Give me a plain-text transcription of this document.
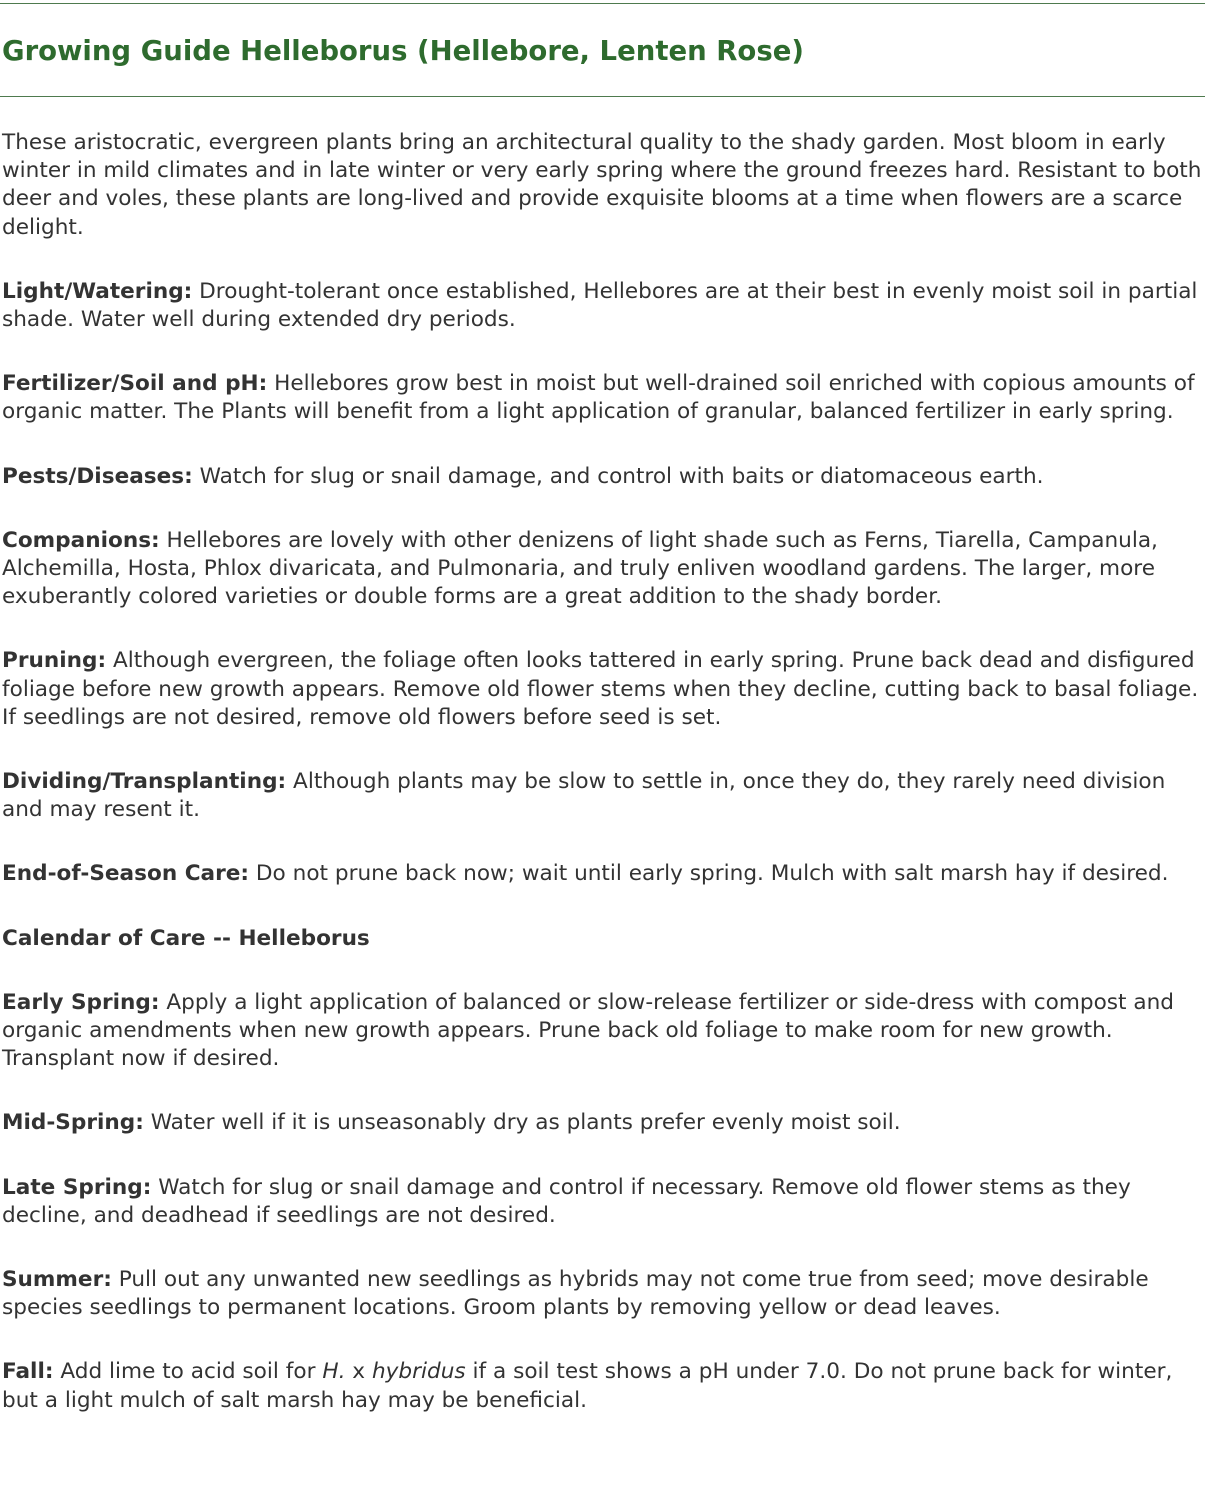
Growing Guide Helleborus (Hellebore, Lenten Rose)

These aristocratic, evergreen plants bring an architectural quality to the shady garden. Most bloom in early winter in mild climates and in late winter or very early spring where the ground freezes hard. Resistant to both deer and voles, these plants are long-lived and provide exquisite blooms at a time when flowers are a scarce delight.

Light/Watering: Drought-tolerant once established, Hellebores are at their best in evenly moist soil in partial shade. Water well during extended dry periods.

Fertilizer/Soil and pH: Hellebores grow best in moist but well-drained soil enriched with copious amounts of organic matter. The Plants will benefit from a light application of granular, balanced fertilizer in early spring.

Pests/Diseases: Watch for slug or snail damage, and control with baits or diatomaceous earth.

Companions: Hellebores are lovely with other denizens of light shade such as Ferns, Tiarella, Campanula, Alchemilla, Hosta, Phlox divaricata, and Pulmonaria, and truly enliven woodland gardens. The larger, more exuberantly colored varieties or double forms are a great addition to the shady border.

Pruning: Although evergreen, the foliage often looks tattered in early spring. Prune back dead and disfigured foliage before new growth appears. Remove old flower stems when they decline, cutting back to basal foliage. If seedlings are not desired, remove old flowers before seed is set.

Dividing/Transplanting: Although plants may be slow to settle in, once they do, they rarely need division and may resent it.

End-of-Season Care: Do not prune back now; wait until early spring. Mulch with salt marsh hay if desired.

Calendar of Care -- Helleborus

Early Spring: Apply a light application of balanced or slow-release fertilizer or side-dress with compost and organic amendments when new growth appears. Prune back old foliage to make room for new growth. Transplant now if desired.

Mid-Spring: Water well if it is unseasonably dry as plants prefer evenly moist soil.

Late Spring: Watch for slug or snail damage and control if necessary. Remove old flower stems as they decline, and deadhead if seedlings are not desired.

Summer: Pull out any unwanted new seedlings as hybrids may not come true from seed; move desirable species seedlings to permanent locations. Groom plants by removing yellow or dead leaves.

Fall: Add lime to acid soil for H. x hybridus if a soil test shows a pH under 7.0. Do not prune back for winter, but a light mulch of salt marsh hay may be beneficial.
